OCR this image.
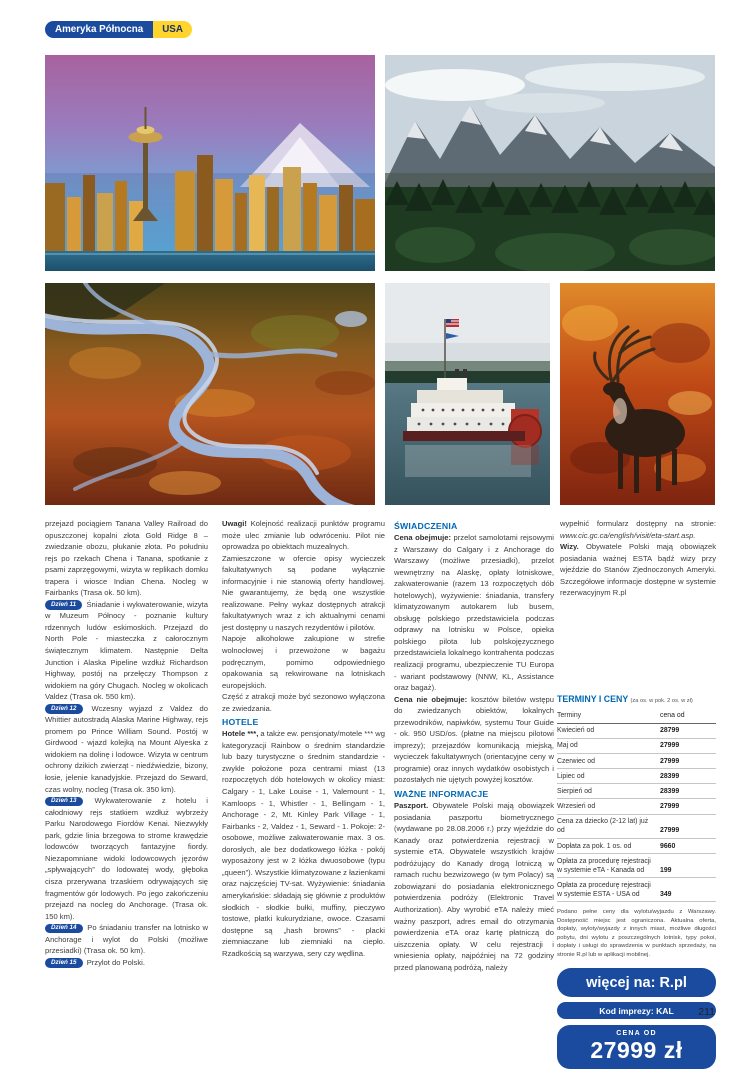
Ameryka Północna	USA

przejazd pociągiem Tanana Valley Railroad do opuszczonej kopalni złota Gold Ridge 8 – zwiedzanie obozu, płukanie złota. Po południu rejs po rzekach Chena i Tanana, spotkanie z psami zaprzęgowymi, wizyta w replikach domku trapera i wiosce Indian Chena. Nocleg w Fairbanks (Trasa ok. 50 km).

Dzień 11 Śniadanie i wykwaterowanie, wizyta w Muzeum Północy - poznanie kultury rdzennych ludów eskimoskich. Przejazd do North Pole - miasteczka z całorocznym świątecznym klimatem. Następnie Delta Junction i Alaska Pipeline wzdłuż Richardson Highway, postój na przełęczy Thompson z widokiem na góry Chugach. Nocleg w okolicach Valdez (Trasa ok. 550 km).

Dzień 12 Wczesny wyjazd z Valdez do Whittier autostradą Alaska Marine Highway, rejs promem po Prince William Sound. Postój w Girdwood - wjazd kolejką na Mount Alyeska z widokiem na dolinę i lodowce. Wizyta w centrum ochrony dzikich zwierząt - niedźwiedzie, bizony, łosie, jelenie kanadyjskie. Przejazd do Seward, czas wolny, nocleg (Trasa ok. 350 km).

Dzień 13 Wykwaterowanie z hotelu i całodniowy rejs statkiem wzdłuż wybrzeży Parku Narodowego Fiordów Kenai. Niezwykły park, gdzie linia brzegowa to strome krawędzie lodowców tworzących fantazyjne fiordy. Niezapomniane widoki lodowcowych jęzorów „spływających” do lodowatej wody, głęboka cisza przerywana trzaskiem odrywających się fragmentów gór lodowych. Po jego zakończeniu przejazd na nocleg do Anchorage. (Trasa ok. 150 km).

Dzień 14 Po śniadaniu transfer na lotnisko w Anchorage i wylot do Polski (możliwe przesiadki) (Trasa ok. 50 km).

Dzień 15 Przylot do Polski.

Uwagi! Kolejność realizacji punktów programu może ulec zmianie lub odwróceniu. Pilot nie oprowadza po obiektach muzealnych.

Zamieszczone w ofercie opisy wycieczek fakultatywnych są podane wyłącznie informacyjnie i nie stanowią oferty handlowej. Nie gwarantujemy, że będą one wszystkie realizowane. Pełny wykaz dostępnych atrakcji fakultatywnych wraz z ich aktualnymi cenami jest dostępny u naszych rezydentów i pilotów.

Napoje alkoholowe zakupione w strefie wolnocłowej i przewożone w bagażu podręcznym, pomimo odpowiedniego opakowania są rekwirowane na lotniskach europejskich.

Część z atrakcji może być sezonowo wyłączona ze zwiedzania.

HOTELE

Hotele ***, a także ew. pensjonaty/motele *** wg kategoryzacji Rainbow o średnim standardzie lub bazy turystyczne o średnim standardzie - zwykle położone poza centrami miast (13 rozpoczętych dób hotelowych w okolicy miast: Calgary - 1, Lake Louise - 1, Valemount - 1, Kamloops - 1, Whistler - 1, Bellingam - 1, Anchorage - 2, Mt. Kinley Park Village - 1, Fairbanks - 2, Valdez - 1, Seward - 1. Pokoje: 2-osobowe, możliwe zakwaterowanie max. 3 os. dorosłych, ale bez dodatkowego łóżka - pokój wyposażony jest w 2 łóżka dwuosobowe (typu „queen”). Wszystkie klimatyzowane z łazienkami oraz najczęściej TV-sat. Wyżywienie: śniadania amerykańskie: składają się głównie z produktów słodkich - słodkie bułki, muffiny, pieczywo tostowe, płatki kukurydziane, owoce. Czasami dostępne są „hash browns” - placki ziemniaczane lub ziemniaki na ciepło. Rzadkością są warzywa, sery czy wędlina.

ŚWIADCZENIA

Cena obejmuje: przelot samolotami rejsowymi z Warszawy do Calgary i z Anchorage do Warszawy (możliwe przesiadki), przelot wewnętrzny na Alaskę, opłaty lotniskowe, zakwaterowanie (razem 13 rozpoczętych dób hotelowych), wyżywienie: śniadania, transfery klimatyzowanym autokarem lub busem, obsługę polskiego przedstawiciela podczas odprawy na lotnisku w Polsce, opieka polskiego pilota lub polskojęzycznego przedstawiciela lokalnego kontrahenta podczas realizacji programu, ubezpieczenie TU Europa - wariant podstawowy (NNW, KL, Assistance oraz bagaż).

Cena nie obejmuje: kosztów biletów wstępu do zwiedzanych obiektów, lokalnych przewodników, napiwków, systemu Tour Guide - ok. 950 USD/os. (płatne na miejscu pilotowi imprezy); przejazdów komunikacją miejską, wycieczek fakultatywnych (orientacyjne ceny w programie) oraz innych wydatków osobistych i pozostałych nie ujętych powyżej kosztów.

WAŻNE INFORMACJE

Paszport. Obywatele Polski mają obowiązek posiadania paszportu biometrycznego (wydawane po 28.08.2006 r.) przy wjeździe do Kanady oraz potwierdzenia rejestracji w systemie eTA. Obywatele wszystkich krajów podróżujący do Kanady drogą lotniczą w ramach ruchu bezwizowego (w tym Polacy) są zobowiązani do posiadania elektronicznego potwierdzenia podróży (Elektronic Travel Authorization). Aby wyrobić eTA należy mieć ważny paszport, adres email do otrzymania powierdzenia eTA oraz kartę płatniczą do uiszczenia opłaty. W celu rejestracji i wniesienia opłaty, najpóźniej na 72 godziny przed planowaną podróżą, należy

wypełnić formularz dostępny na stronie: www.cic.gc.ca/english/visit/eta-start.asp.

Wizy. Obywatele Polski mają obowiązek posiadania ważnej ESTA bądź wizy przy wjeździe do Stanów Zjednoczonych Ameryki. Szczegółowe informacje dostępne w systemie rezerwacyjnym R.pl

TERMINY I CENY (za os. w pok. 2 os. w zł)
Terminy	cena od
Kwiecień od	28799
Maj od	27999
Czerwiec od	27999
Lipiec od	28399
Sierpień od	28399
Wrzesień od	27999
Cena za dziecko (2-12 lat) już od	27999
Dopłata za pok. 1 os. od	9660
Opłata za procedurę rejestracji w systemie eTA - Kanada od	199
Opłata za procedurę rejestracji w systemie ESTA - USA od	349
Podano pełne ceny dla wylotu/wyjazdu z Warszawy. Dostępność miejsc jest ograniczona. Aktualna oferta, dopłaty, wyloty/wyjazdy z innych miast, możliwe długości pobytu, dni wylotu z poszczególnych lotnisk, typy pokoi, dopłaty i usługi do sprawdzenia w punktach sprzedaży, na stronie R.pl lub w aplikacji mobilnej.
więcej na: R.pl
Kod imprezy: KAL
CENA OD
27999 zł
211
